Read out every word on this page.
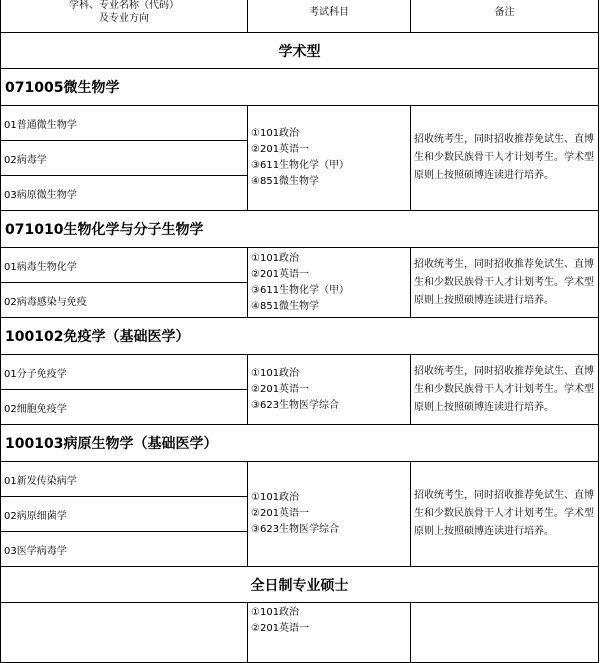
学科、专业名称（代码）
及专业方向	考试科目	备注
学术型		
071005微生物学		
01普通微生物学	①101政治
②201英语一
③611生物化学（甲）
④851微生物学	招收统考生，同时招收推荐免试生、直博生和少数民族骨干人才计划考生。学术型原则上按照硕博连读进行培养。
02病毒学		
03病原微生物学		
071010生物化学与分子生物学		
01病毒生物化学	①101政治
②201英语一
③611生物化学（甲）
④851微生物学	招收统考生，同时招收推荐免试生、直博生和少数民族骨干人才计划考生。学术型原则上按照硕博连读进行培养。
02病毒感染与免疫		
100102免疫学（基础医学）		
01分子免疫学	①101政治
②201英语一
③623生物医学综合	招收统考生，同时招收推荐免试生、直博生和少数民族骨干人才计划考生。学术型原则上按照硕博连读进行培养。
02细胞免疫学		
100103病原生物学（基础医学）		
01新发传染病学	①101政治
②201英语一
③623生物医学综合	招收统考生，同时招收推荐免试生、直博生和少数民族骨干人才计划考生。学术型原则上按照硕博连读进行培养。
02病原细菌学		
03医学病毒学		
全日制专业硕士		

	①101政治
②201英语一	
